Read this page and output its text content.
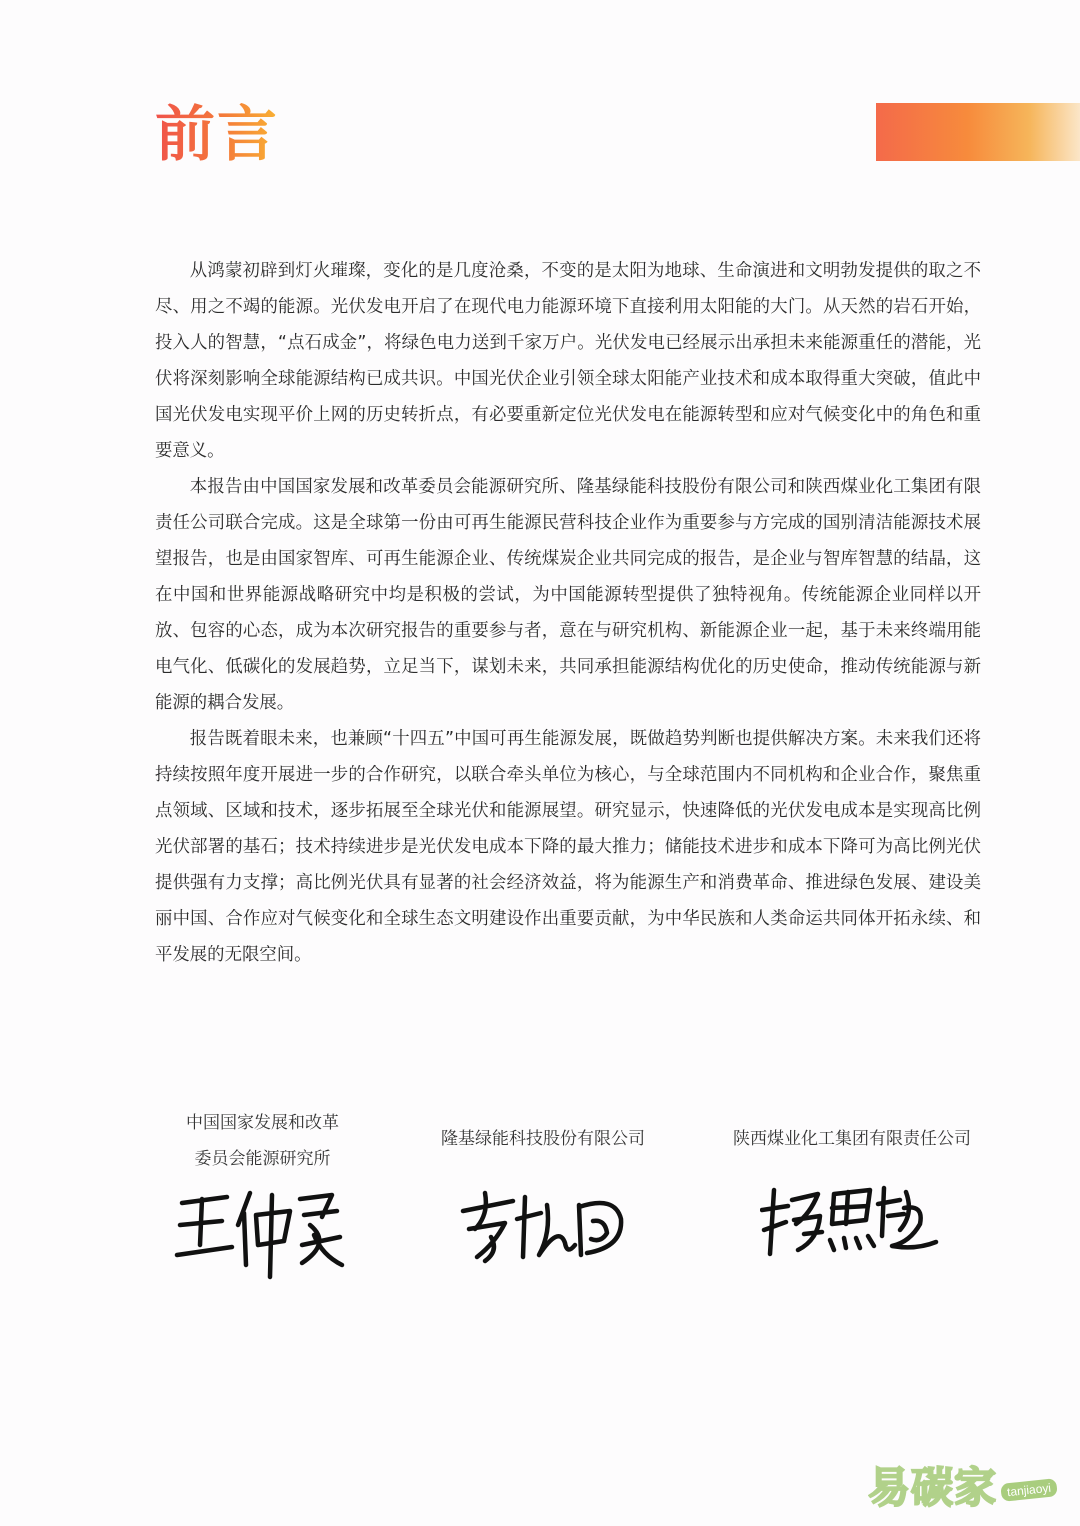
前言

从鸿蒙初辟到灯火璀璨，变化的是几度沧桑，不变的是太阳为地球、生命演进和文明勃发提供的取之不尽、用之不竭的能源。光伏发电开启了在现代电力能源环境下直接利用太阳能的大门。从天然的岩石开始，投入人的智慧，“点石成金”，将绿色电力送到千家万户。光伏发电已经展示出承担未来能源重任的潜能，光伏将深刻影响全球能源结构已成共识。中国光伏企业引领全球太阳能产业技术和成本取得重大突破，值此中国光伏发电实现平价上网的历史转折点，有必要重新定位光伏发电在能源转型和应对气候变化中的角色和重要意义。

本报告由中国国家发展和改革委员会能源研究所、隆基绿能科技股份有限公司和陕西煤业化工集团有限责任公司联合完成。这是全球第一份由可再生能源民营科技企业作为重要参与方完成的国别清洁能源技术展望报告，也是由国家智库、可再生能源企业、传统煤炭企业共同完成的报告，是企业与智库智慧的结晶，这在中国和世界能源战略研究中均是积极的尝试，为中国能源转型提供了独特视角。传统能源企业同样以开放、包容的心态，成为本次研究报告的重要参与者，意在与研究机构、新能源企业一起，基于未来终端用能电气化、低碳化的发展趋势，立足当下，谋划未来，共同承担能源结构优化的历史使命，推动传统能源与新能源的耦合发展。

报告既着眼未来，也兼顾“十四五”中国可再生能源发展，既做趋势判断也提供解决方案。未来我们还将持续按照年度开展进一步的合作研究，以联合牵头单位为核心，与全球范围内不同机构和企业合作，聚焦重点领域、区域和技术，逐步拓展至全球光伏和能源展望。研究显示，快速降低的光伏发电成本是实现高比例光伏部署的基石；技术持续进步是光伏发电成本下降的最大推力；储能技术进步和成本下降可为高比例光伏提供强有力支撑；高比例光伏具有显著的社会经济效益，将为能源生产和消费革命、推进绿色发展、建设美丽中国、合作应对气候变化和全球生态文明建设作出重要贡献，为中华民族和人类命运共同体开拓永续、和平发展的无限空间。

中国国家发展和改革
委员会能源研究所
隆基绿能科技股份有限公司	陕西煤业化工集团有限责任公司
易碳家 tanjiaoyi
